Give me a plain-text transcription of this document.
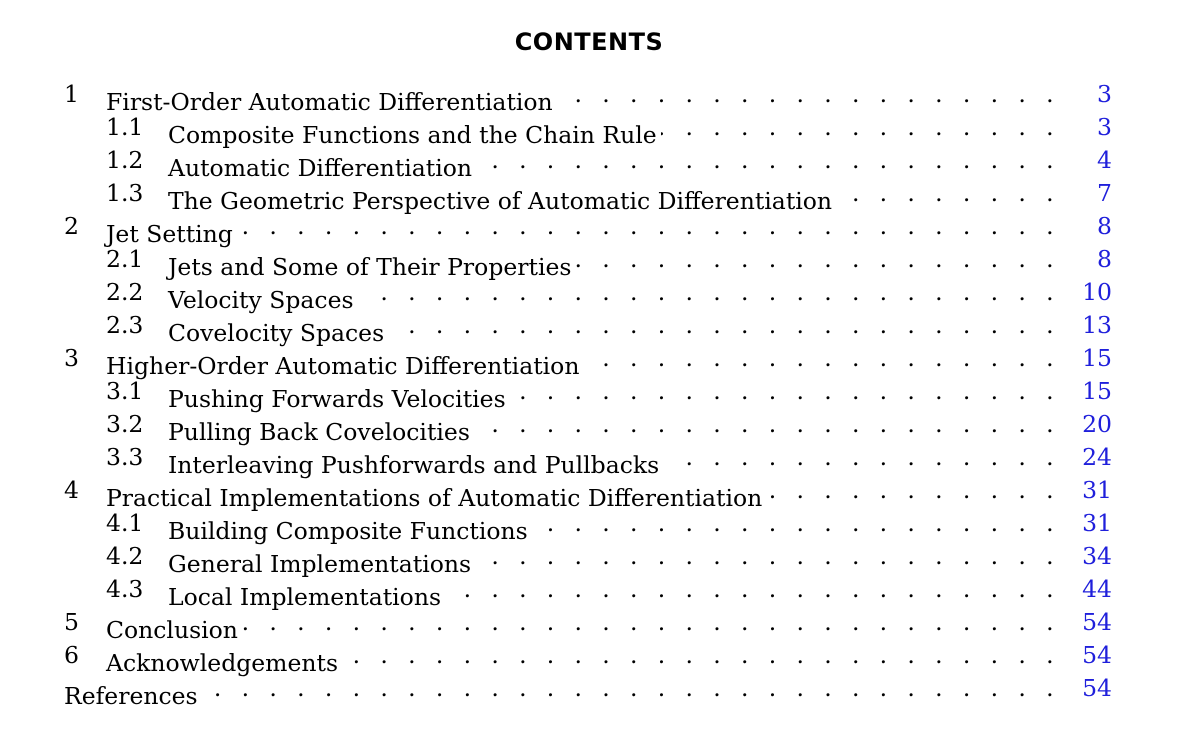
CONTENTS
1 First-Order Automatic Differentiation . . .	3
1.1 Composite Functions and the Chain Rule . . .	3
1.2 Automatic Differentiation . . .	4
1.3 The Geometric Perspective of Automatic Differentiation . . .	7
2 Jet Setting . . .	8
2.1 Jets and Some of Their Properties . . .	8
2.2 Velocity Spaces . . .	10
2.3 Covelocity Spaces . . .	13
3 Higher-Order Automatic Differentiation . . .	15
3.1 Pushing Forwards Velocities . . .	15
3.2 Pulling Back Covelocities . . .	20
3.3 Interleaving Pushforwards and Pullbacks . . .	24
4 Practical Implementations of Automatic Differentiation . . .	31
4.1 Building Composite Functions . . .	31
4.2 General Implementations . . .	34
4.3 Local Implementations . . .	44
5 Conclusion . . .	54
6 Acknowledgements . . .	54
References . . .	54
